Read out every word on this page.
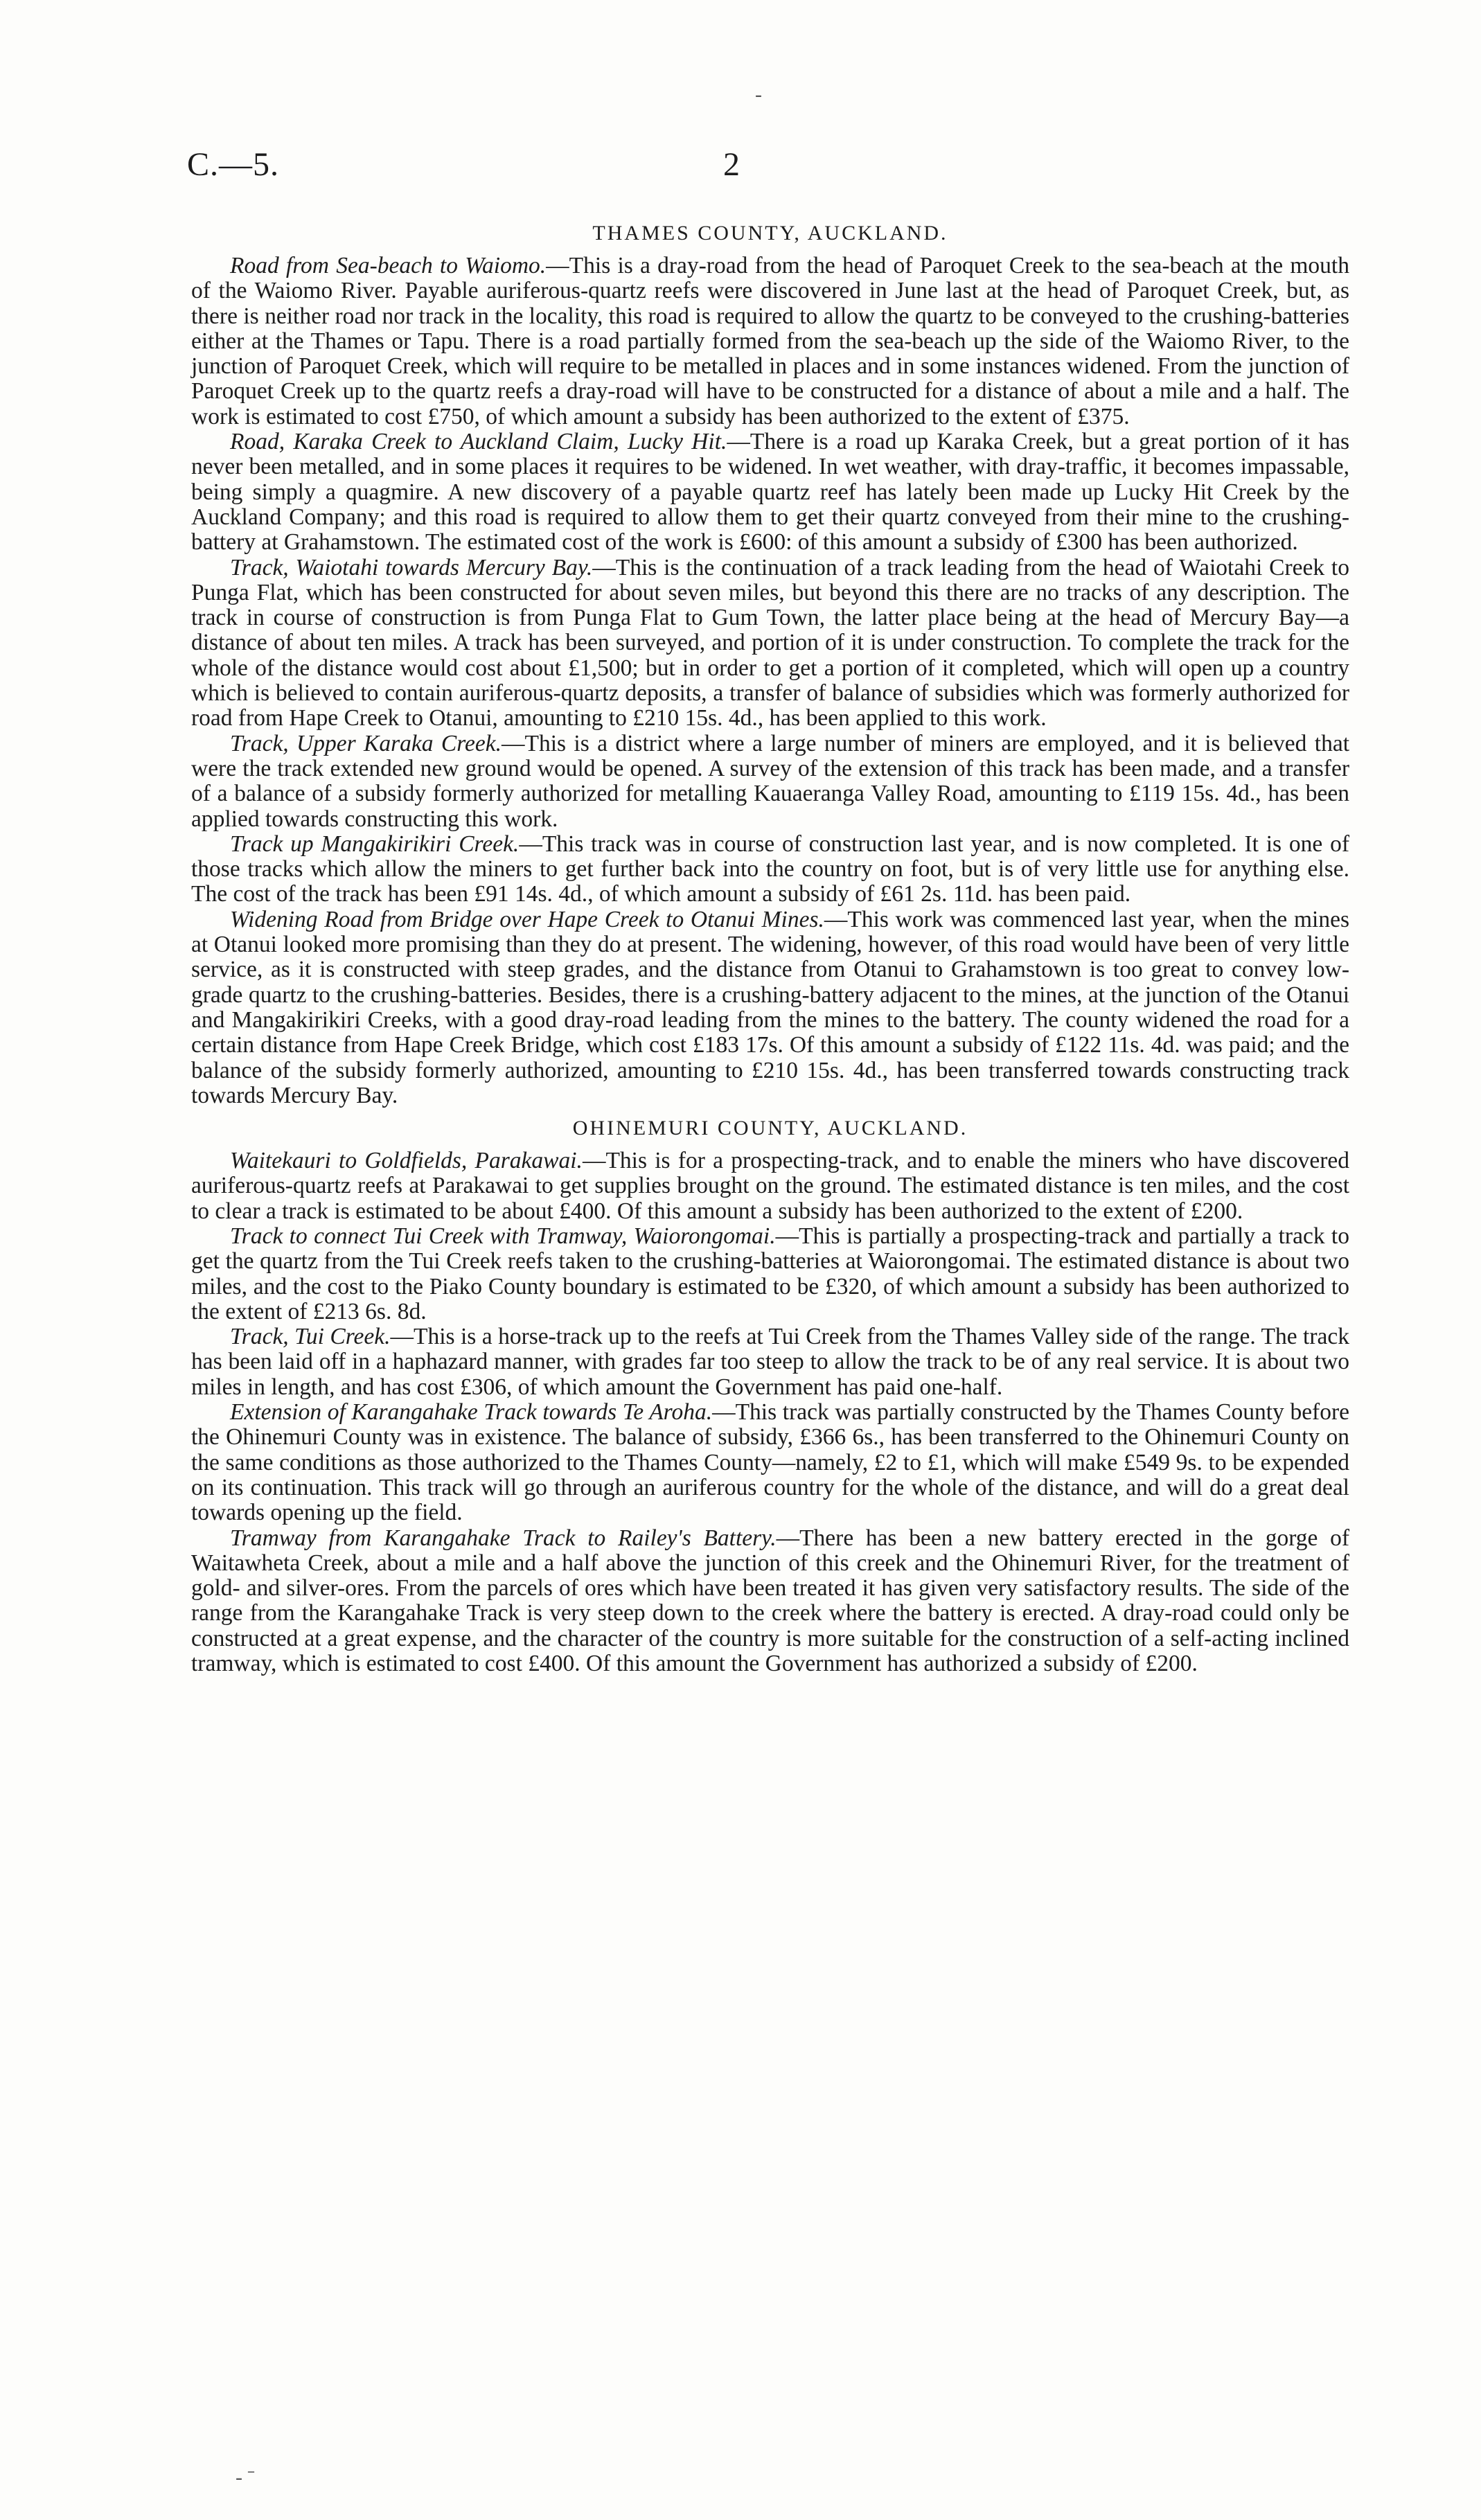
-
C.—5.	2
THAMES COUNTY, AUCKLAND.

Road from Sea-beach to Waiomo.—This is a dray-road from the head of Paroquet Creek to the sea-beach at the mouth of the Waiomo River. Payable auriferous-quartz reefs were discovered in June last at the head of Paroquet Creek, but, as there is neither road nor track in the locality, this road is required to allow the quartz to be conveyed to the crushing-batteries either at the Thames or Tapu. There is a road partially formed from the sea-beach up the side of the Waiomo River, to the junction of Paroquet Creek, which will require to be metalled in places and in some instances widened. From the junction of Paroquet Creek up to the quartz reefs a dray-road will have to be constructed for a distance of about a mile and a half. The work is estimated to cost £750, of which amount a subsidy has been authorized to the extent of £375.

Road, Karaka Creek to Auckland Claim, Lucky Hit.—There is a road up Karaka Creek, but a great portion of it has never been metalled, and in some places it requires to be widened. In wet weather, with dray-traffic, it becomes impassable, being simply a quagmire. A new discovery of a payable quartz reef has lately been made up Lucky Hit Creek by the Auckland Company; and this road is required to allow them to get their quartz conveyed from their mine to the crushing-battery at Grahamstown. The estimated cost of the work is £600: of this amount a subsidy of £300 has been authorized.

Track, Waiotahi towards Mercury Bay.—This is the continuation of a track leading from the head of Waiotahi Creek to Punga Flat, which has been constructed for about seven miles, but beyond this there are no tracks of any description. The track in course of construction is from Punga Flat to Gum Town, the latter place being at the head of Mercury Bay—a distance of about ten miles. A track has been surveyed, and portion of it is under construction. To complete the track for the whole of the distance would cost about £1,500; but in order to get a portion of it completed, which will open up a country which is believed to contain auriferous-quartz deposits, a transfer of balance of subsidies which was formerly authorized for road from Hape Creek to Otanui, amounting to £210 15s. 4d., has been applied to this work.

Track, Upper Karaka Creek.—This is a district where a large number of miners are employed, and it is believed that were the track extended new ground would be opened. A survey of the extension of this track has been made, and a transfer of a balance of a subsidy formerly authorized for metalling Kauaeranga Valley Road, amounting to £119 15s. 4d., has been applied towards constructing this work.

Track up Mangakirikiri Creek.—This track was in course of construction last year, and is now completed. It is one of those tracks which allow the miners to get further back into the country on foot, but is of very little use for anything else. The cost of the track has been £91 14s. 4d., of which amount a subsidy of £61 2s. 11d. has been paid.

Widening Road from Bridge over Hape Creek to Otanui Mines.—This work was commenced last year, when the mines at Otanui looked more promising than they do at present. The widening, however, of this road would have been of very little service, as it is constructed with steep grades, and the distance from Otanui to Grahamstown is too great to convey low-grade quartz to the crushing-batteries. Besides, there is a crushing-battery adjacent to the mines, at the junction of the Otanui and Mangakirikiri Creeks, with a good dray-road leading from the mines to the battery. The county widened the road for a certain distance from Hape Creek Bridge, which cost £183 17s. Of this amount a subsidy of £122 11s. 4d. was paid; and the balance of the subsidy formerly authorized, amounting to £210 15s. 4d., has been transferred towards constructing track towards Mercury Bay.

OHINEMURI COUNTY, AUCKLAND.

Waitekauri to Goldfields, Parakawai.—This is for a prospecting-track, and to enable the miners who have discovered auriferous-quartz reefs at Parakawai to get supplies brought on the ground. The estimated distance is ten miles, and the cost to clear a track is estimated to be about £400. Of this amount a subsidy has been authorized to the extent of £200.

Track to connect Tui Creek with Tramway, Waiorongomai.—This is partially a prospecting-track and partially a track to get the quartz from the Tui Creek reefs taken to the crushing-batteries at Waiorongomai. The estimated distance is about two miles, and the cost to the Piako County boundary is estimated to be £320, of which amount a subsidy has been authorized to the extent of £213 6s. 8d.

Track, Tui Creek.—This is a horse-track up to the reefs at Tui Creek from the Thames Valley side of the range. The track has been laid off in a haphazard manner, with grades far too steep to allow the track to be of any real service. It is about two miles in length, and has cost £306, of which amount the Government has paid one-half.

Extension of Karangahake Track towards Te Aroha.—This track was partially constructed by the Thames County before the Ohinemuri County was in existence. The balance of subsidy, £366 6s., has been transferred to the Ohinemuri County on the same conditions as those authorized to the Thames County—namely, £2 to £1, which will make £549 9s. to be expended on its continuation. This track will go through an auriferous country for the whole of the distance, and will do a great deal towards opening up the field.

Tramway from Karangahake Track to Railey's Battery.—There has been a new battery erected in the gorge of Waitawheta Creek, about a mile and a half above the junction of this creek and the Ohinemuri River, for the treatment of gold- and silver-ores. From the parcels of ores which have been treated it has given very satisfactory results. The side of the range from the Karangahake Track is very steep down to the creek where the battery is erected. A dray-road could only be constructed at a great expense, and the character of the country is more suitable for the construction of a self-acting inclined tramway, which is estimated to cost £400. Of this amount the Government has authorized a subsidy of £200.

- ˉ
